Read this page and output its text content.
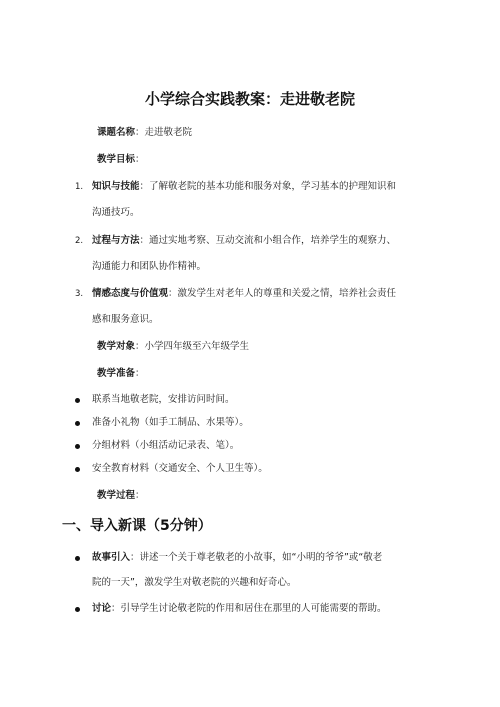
小学综合实践教案：走进敬老院
课题名称：走进敬老院
教学目标：
1. 知识与技能：了解敬老院的基本功能和服务对象，学习基本的护理知识和
沟通技巧。
2. 过程与方法：通过实地考察、互动交流和小组合作，培养学生的观察力、
沟通能力和团队协作精神。
3. 情感态度与价值观：激发学生对老年人的尊重和关爱之情，培养社会责任
感和服务意识。
教学对象：小学四年级至六年级学生
教学准备：
联系当地敬老院，安排访问时间。
准备小礼物（如手工制品、水果等）。
分组材料（小组活动记录表、笔）。
安全教育材料（交通安全、个人卫生等）。
教学过程：
一、导入新课（5分钟）
故事引入：讲述一个关于尊老敬老的小故事，如“小明的爷爷”或“敬老
院的一天”，激发学生对敬老院的兴趣和好奇心。
讨论：引导学生讨论敬老院的作用和居住在那里的人可能需要的帮助。
